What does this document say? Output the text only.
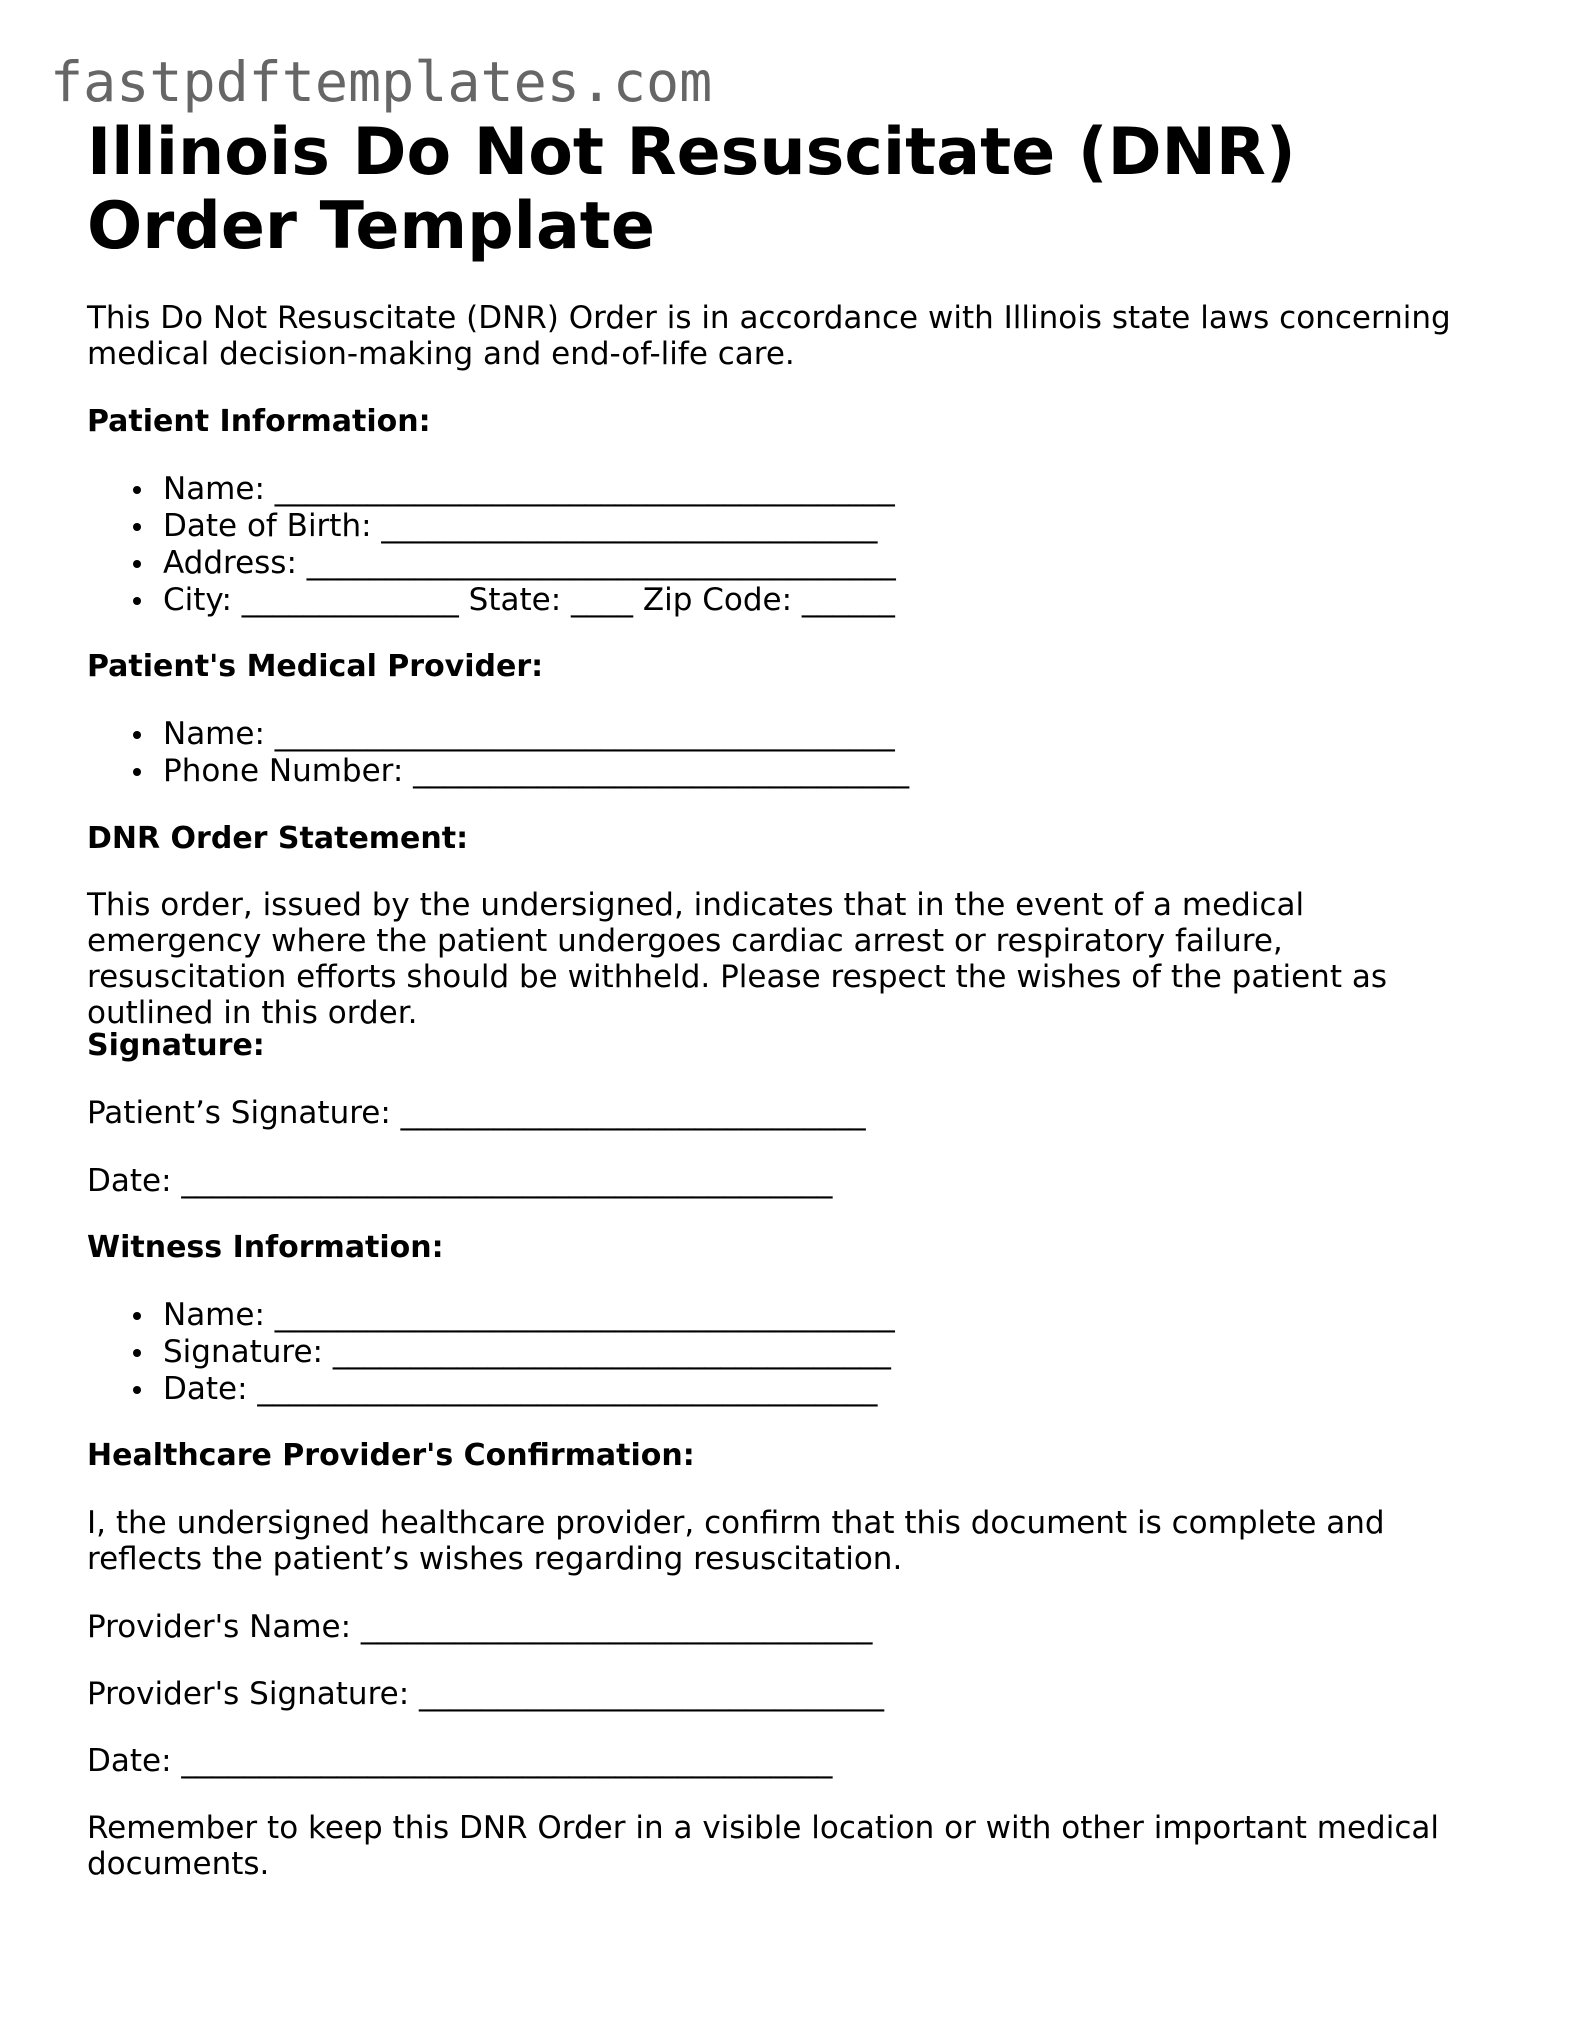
fastpdftemplates.com
Illinois Do Not Resuscitate (DNR) Order Template

This Do Not Resuscitate (DNR) Order is in accordance with Illinois state laws concerning medical decision-making and end-of-life care.

Patient Information:
Name: ________________________________________
Date of Birth: ________________________________
Address: ______________________________________
City: ______________ State: ____ Zip Code: ______
Patient's Medical Provider:
Name: ________________________________________
Phone Number: ________________________________
DNR Order Statement:

This order, issued by the undersigned, indicates that in the event of a medical emergency where the patient undergoes cardiac arrest or respiratory failure, resuscitation efforts should be withheld. Please respect the wishes of the patient as outlined in this order.

Signature:
Patient’s Signature: ______________________________
Date: __________________________________________
Witness Information:
Name: ________________________________________
Signature: ____________________________________
Date: ________________________________________
Healthcare Provider's Confirmation:

I, the undersigned healthcare provider, confirm that this document is complete and reflects the patient’s wishes regarding resuscitation.

Provider's Name: _________________________________
Provider's Signature: ______________________________
Date: __________________________________________

Remember to keep this DNR Order in a visible location or with other important medical documents.
